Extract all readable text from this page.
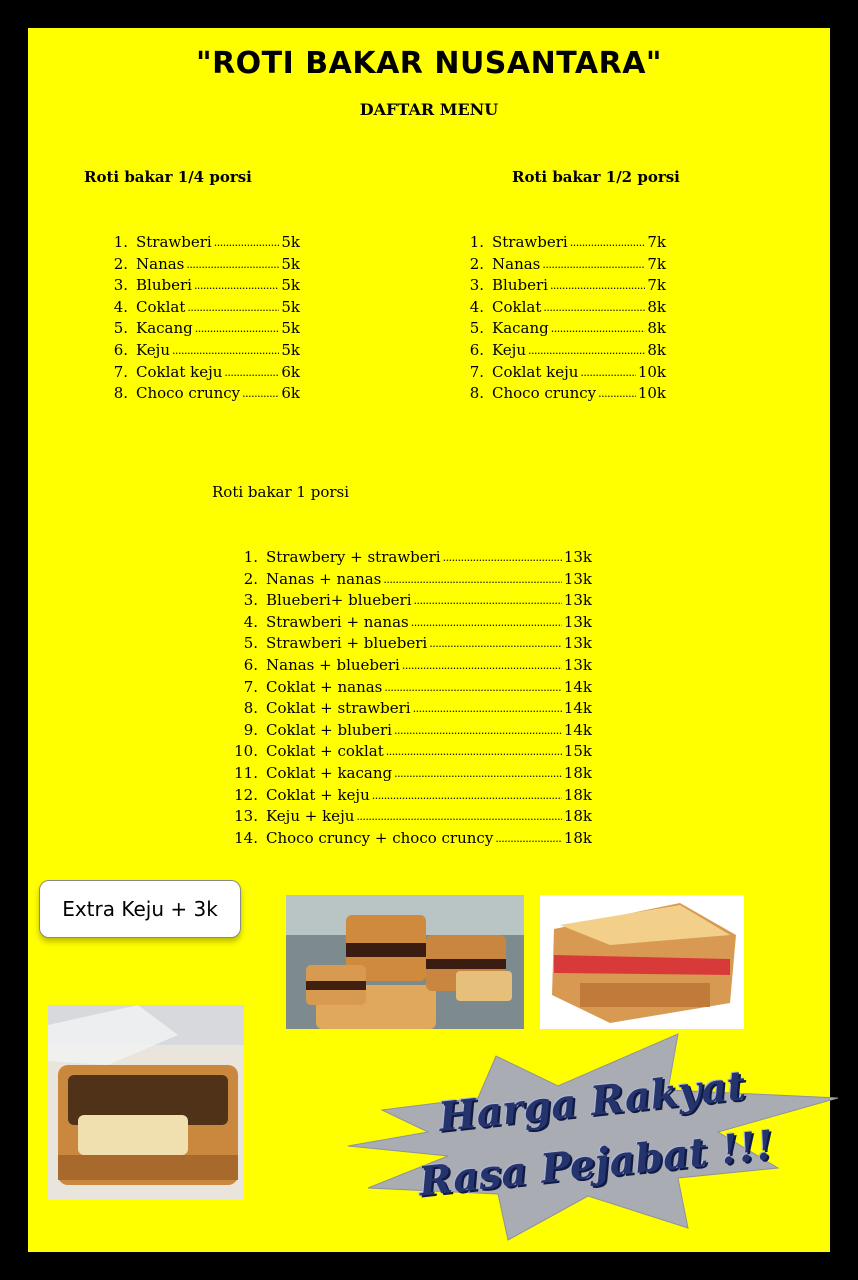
"ROTI BAKAR NUSANTARA"
DAFTAR MENU
Roti bakar 1/4 porsi
1. Strawberi .....	5k
2. Nanas .....	5k
3. Bluberi .....	5k
4. Coklat .....	5k
5. Kacang .....	5k
6. Keju .....	5k
7. Coklat keju .....	6k
8. Choco cruncy .....	6k
Roti bakar 1/2 porsi
1. Strawberi .....	7k
2. Nanas .....	7k
3. Bluberi .....	7k
4. Coklat .....	8k
5. Kacang .....	8k
6. Keju .....	8k
7. Coklat keju .....	10k
8. Choco cruncy .....	10k
Roti bakar 1 porsi
1. Strawbery + strawberi .....	13k
2. Nanas + nanas .....	13k
3. Blueberi+ blueberi .....	13k
4. Strawberi + nanas .....	13k
5. Strawberi + blueberi .....	13k
6. Nanas + blueberi .....	13k
7. Coklat + nanas .....	14k
8. Coklat + strawberi .....	14k
9. Coklat + bluberi .....	14k
10. Coklat + coklat .....	15k
11. Coklat + kacang .....	18k
12. Coklat + keju .....	18k
13. Keju + keju .....	18k
14. Choco cruncy + choco cruncy .....	18k
Extra Keju + 3k
Harga Rakyat
Rasa Pejabat !!!
